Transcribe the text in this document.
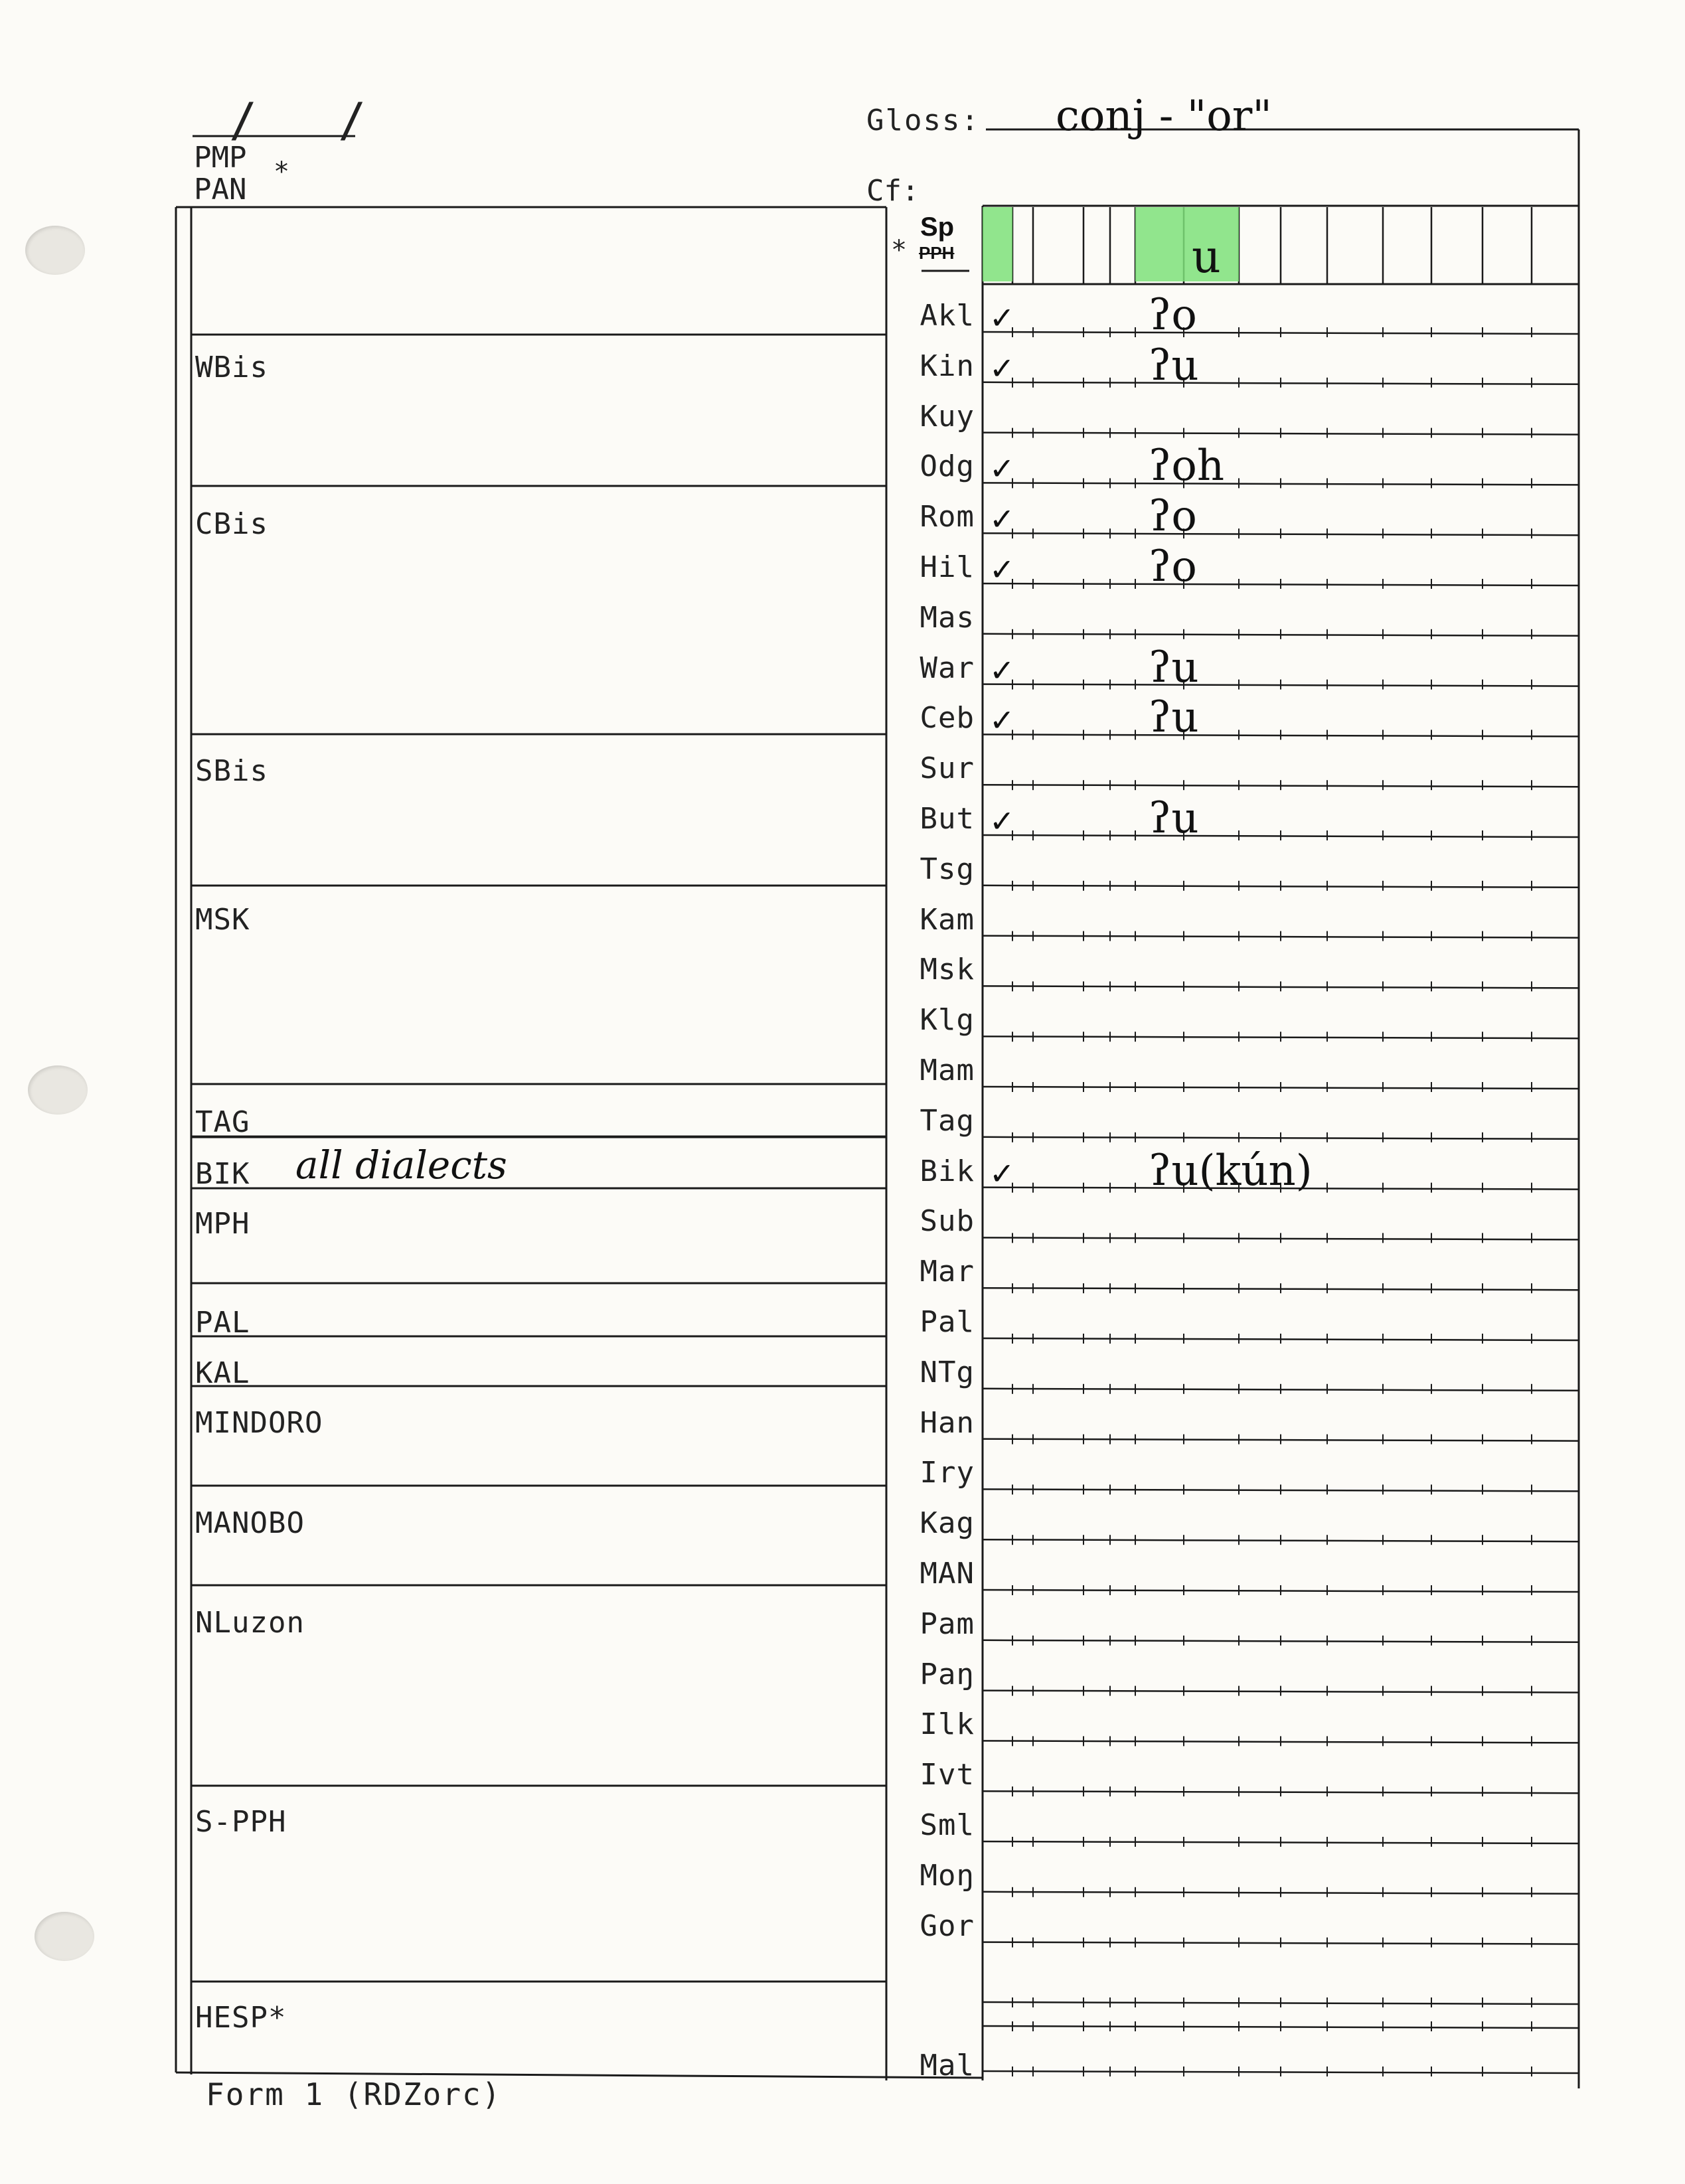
/ /
PMP
PAN
*
Gloss: conj - "or"
Cf:
*
Sp
PPH	u
WBis
CBis
SBis
MSK
TAG
BIK all dialects
MPH
PAL
KAL
MINDORO
MANOBO
NLuzon
S-PPH
HESP*
Akl ✓	ʔo
Kin ✓	ʔu
Kuy
Odg ✓	ʔoh
Rom ✓	ʔo
Hil ✓	ʔo
Mas
War ✓	ʔu
Ceb ✓	ʔu
Sur
But ✓	ʔu
Tsg
Kam
Msk
Klg
Mam
Tag
Bik ✓	ʔu(kún)
Sub
Mar
Pal
NTg
Han
Iry
Kag
MAN
Pam
Paŋ
Ilk
Ivt
Sml
Moŋ
Gor
Mal
Form 1 (RDZorc)
